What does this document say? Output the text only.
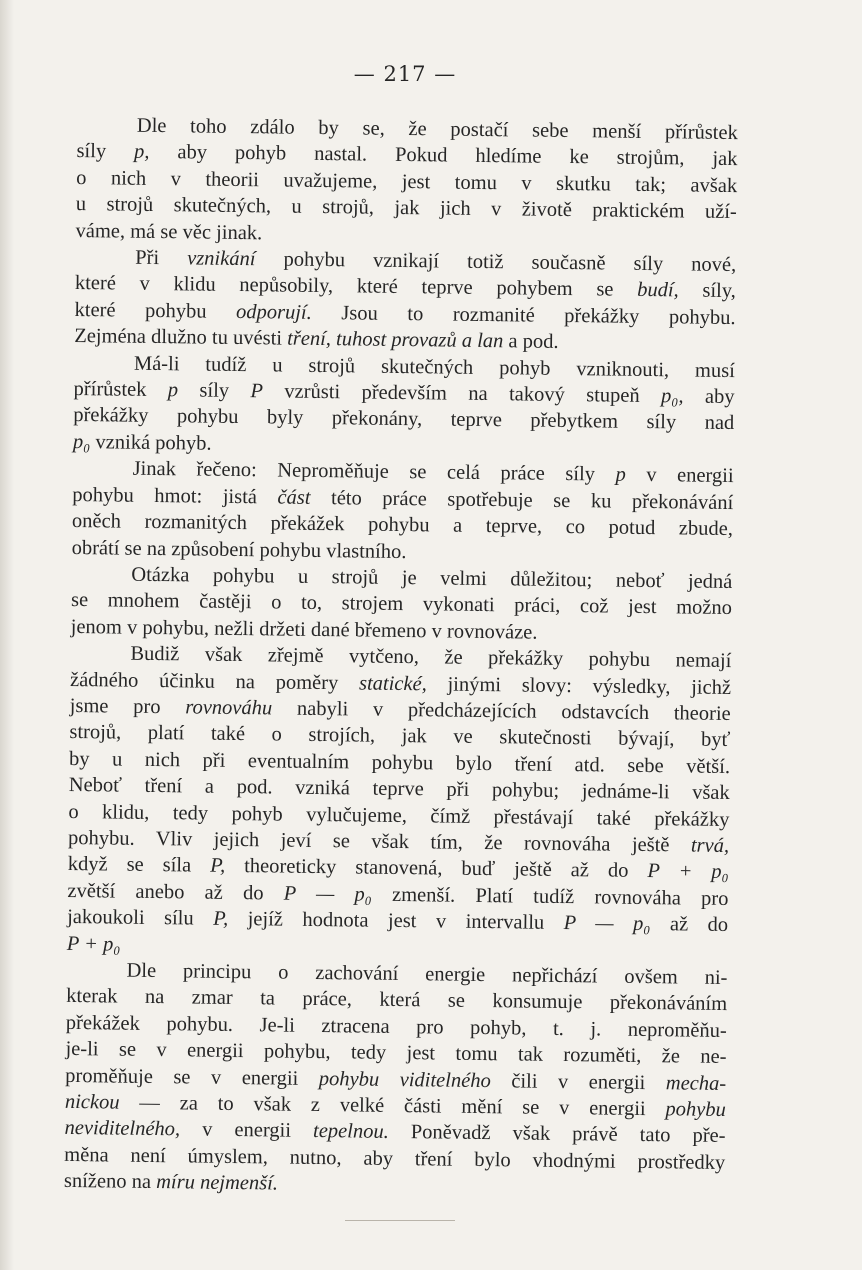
— 217 —
Dle toho zdálo by se, že postačí sebe menší přírůstek
síly p, aby pohyb nastal. Pokud hledíme ke strojům, jak
o nich v theorii uvažujeme, jest tomu v skutku tak; avšak
u strojů skutečných, u strojů, jak jich v životě praktickém uží-
váme, má se věc jinak.
Při vznikání pohybu vznikají totiž současně síly nové,
které v klidu nepůsobily, které teprve pohybem se budí, síly,
které pohybu odporují. Jsou to rozmanité překážky pohybu.
Zejména dlužno tu uvésti tření, tuhost provazů a lan a pod.
Má-li tudíž u strojů skutečných pohyb vzniknouti, musí
přírůstek p síly P vzrůsti především na takový stupeň p₀, aby
překážky pohybu byly překonány, teprve přebytkem síly nad
p₀ vzniká pohyb.
Jinak řečeno: Neproměňuje se celá práce síly p v energii
pohybu hmot: jistá část této práce spotřebuje se ku překonávání
oněch rozmanitých překážek pohybu a teprve, co potud zbude,
obrátí se na způsobení pohybu vlastního.
Otázka pohybu u strojů je velmi důležitou; neboť jedná
se mnohem častěji o to, strojem vykonati práci, což jest možno
jenom v pohybu, nežli držeti dané břemeno v rovnováze.
Budiž však zřejmě vytčeno, že překážky pohybu nemají
žádného účinku na poměry statické, jinými slovy: výsledky, jichž
jsme pro rovnováhu nabyli v předcházejících odstavcích theorie
strojů, platí také o strojích, jak ve skutečnosti bývají, byť
by u nich při eventualním pohybu bylo tření atd. sebe větší.
Neboť tření a pod. vzniká teprve při pohybu; jednáme-li však
o klidu, tedy pohyb vylučujeme, čímž přestávají také překážky
pohybu. Vliv jejich jeví se však tím, že rovnováha ještě trvá,
když se síla P, theoreticky stanovená, buď ještě až do P + p₀
zvětší anebo až do P — p₀ zmenší. Platí tudíž rovnováha pro
jakoukoli sílu P, jejíž hodnota jest v intervallu P — p₀ až do
P + p₀
Dle principu o zachování energie nepřichází ovšem ni-
kterak na zmar ta práce, která se konsumuje překonáváním
překážek pohybu. Je-li ztracena pro pohyb, t. j. neproměňu-
je-li se v energii pohybu, tedy jest tomu tak rozuměti, že ne-
proměňuje se v energii pohybu viditelného čili v energii mecha-
nickou — za to však z velké části mění se v energii pohybu
neviditelného, v energii tepelnou. Poněvadž však právě tato pře-
měna není úmyslem, nutno, aby tření bylo vhodnými prostředky
sníženo na míru nejmenší.
